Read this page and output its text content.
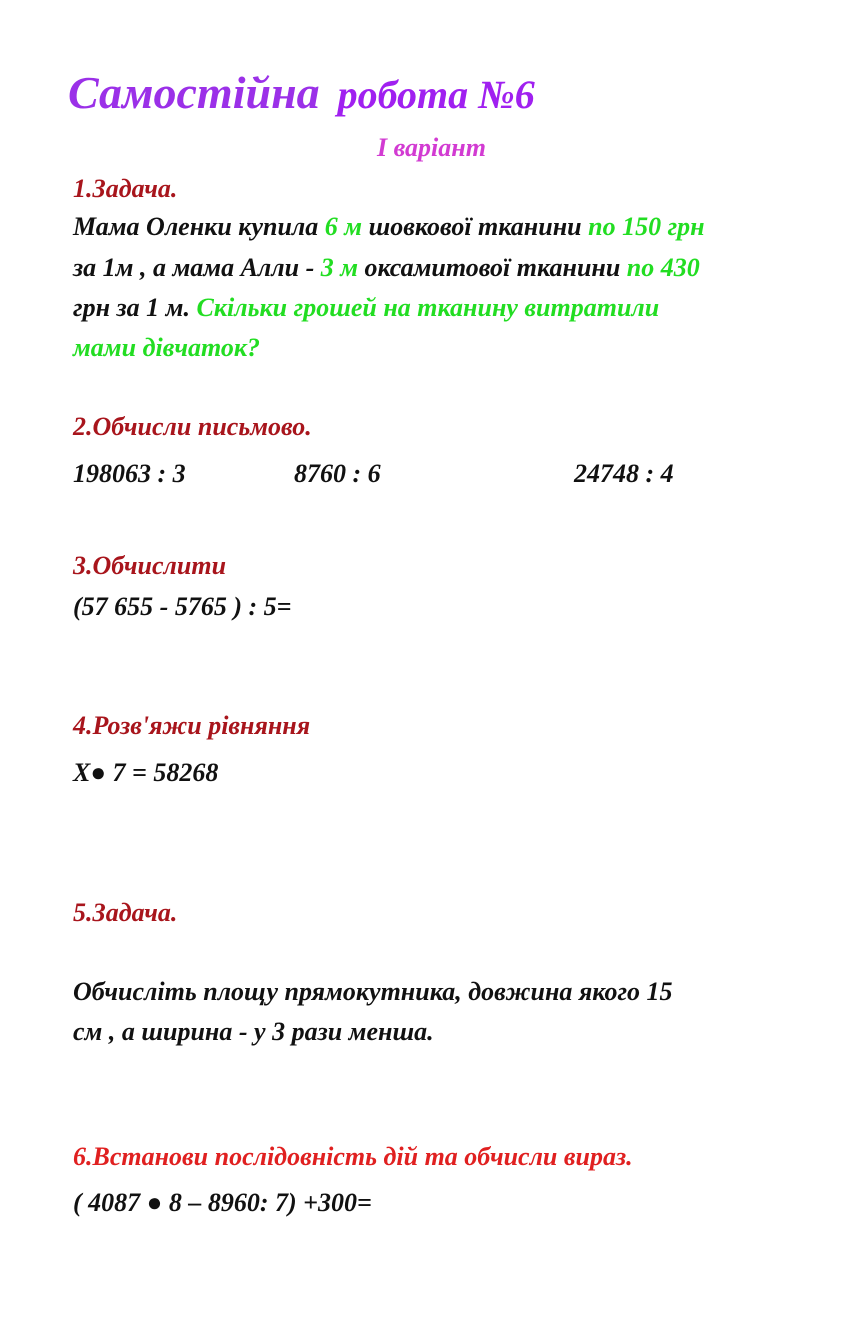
Самостійна робота №6
І варіант
1.Задача.
Мама Оленки купила 6 м шовкової тканини по 150 грн
за 1м , а мама Алли - 3 м оксамитової тканини по 430
грн за 1 м. Скільки грошей на тканину витратили
мами дівчаток?
2.Обчисли письмово.
198063 : 3	8760 : 6	24748 : 4
3.Обчислити
(57 655 - 5765 ) : 5=
4.Розв'яжи рівняння
X● 7 = 58268
5.Задача.
Обчисліть площу прямокутника, довжина якого 15
см , а ширина - у 3 рази менша.
6.Встанови послідовність дій та обчисли вираз.
( 4087 ● 8 – 8960: 7) +300=
